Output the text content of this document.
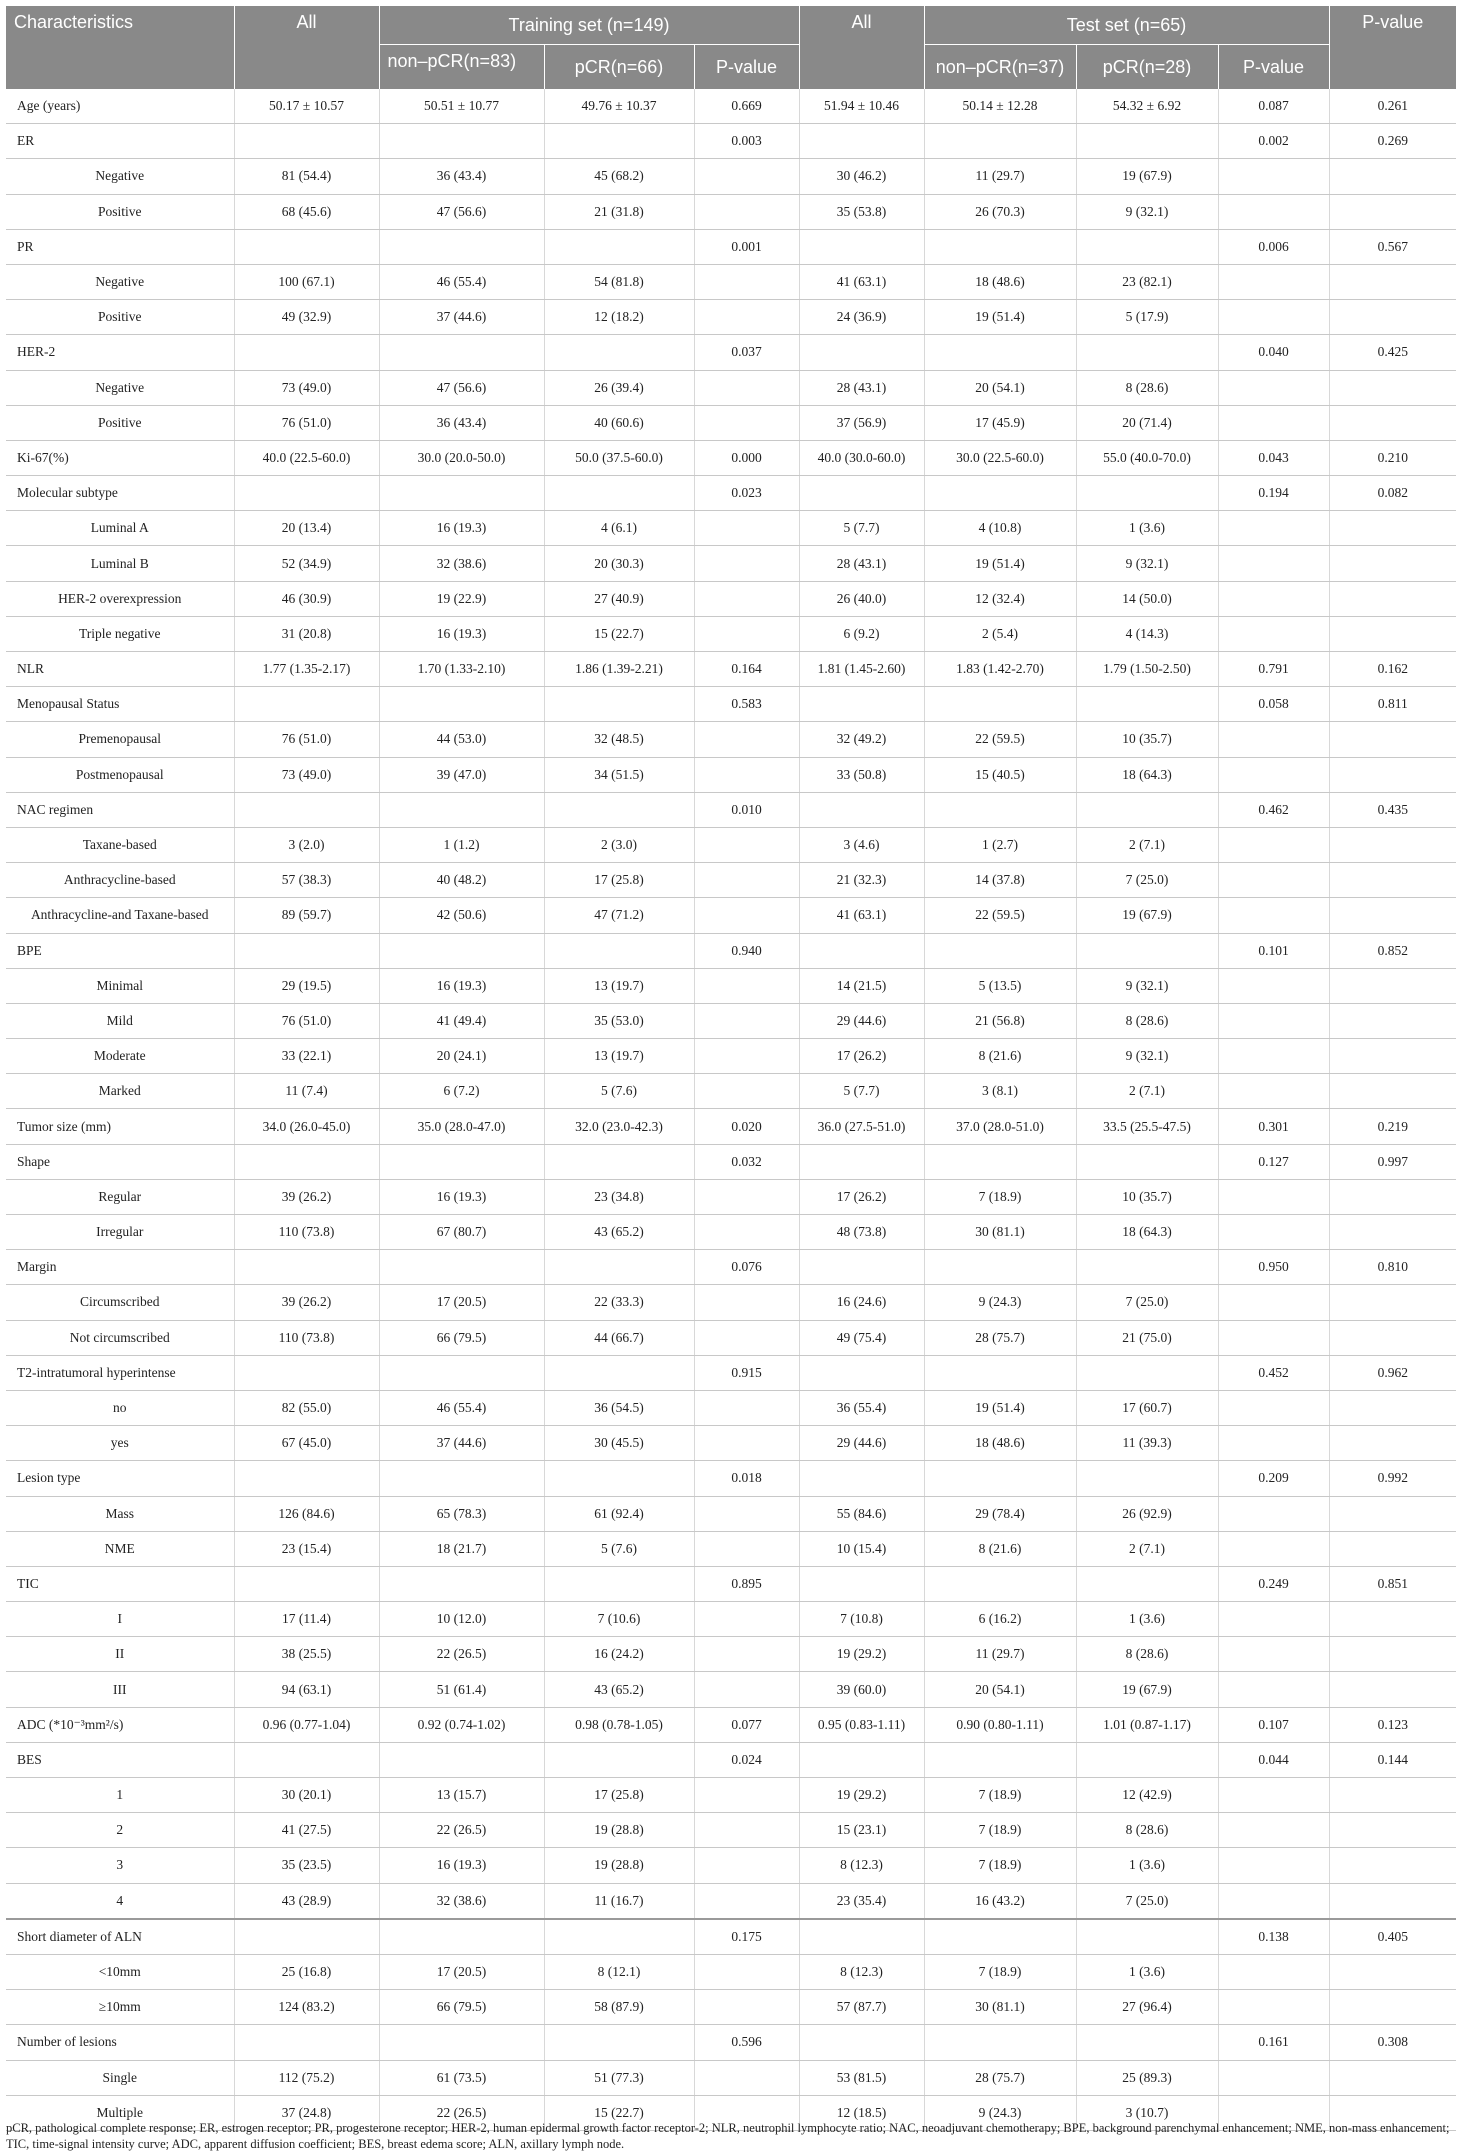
Characteristics	All	Training set (n=149)			All	Test set (n=65)			P-value
		non–pCR(n=83)	pCR(n=66)	P-value		non–pCR(n=37)	pCR(n=28)	P-value	
Age (years)	50.17 ± 10.57	50.51 ± 10.77	49.76 ± 10.37	0.669	51.94 ± 10.46	50.14 ± 12.28	54.32 ± 6.92	0.087	0.261
ER				0.003				0.002	0.269
Negative	81 (54.4)	36 (43.4)	45 (68.2)		30 (46.2)	11 (29.7)	19 (67.9)		
Positive	68 (45.6)	47 (56.6)	21 (31.8)		35 (53.8)	26 (70.3)	9 (32.1)		
PR				0.001				0.006	0.567
Negative	100 (67.1)	46 (55.4)	54 (81.8)		41 (63.1)	18 (48.6)	23 (82.1)		
Positive	49 (32.9)	37 (44.6)	12 (18.2)		24 (36.9)	19 (51.4)	5 (17.9)		
HER-2				0.037				0.040	0.425
Negative	73 (49.0)	47 (56.6)	26 (39.4)		28 (43.1)	20 (54.1)	8 (28.6)		
Positive	76 (51.0)	36 (43.4)	40 (60.6)		37 (56.9)	17 (45.9)	20 (71.4)		
Ki-67(%)	40.0 (22.5-60.0)	30.0 (20.0-50.0)	50.0 (37.5-60.0)	0.000	40.0 (30.0-60.0)	30.0 (22.5-60.0)	55.0 (40.0-70.0)	0.043	0.210
Molecular subtype				0.023				0.194	0.082
Luminal A	20 (13.4)	16 (19.3)	4 (6.1)		5 (7.7)	4 (10.8)	1 (3.6)		
Luminal B	52 (34.9)	32 (38.6)	20 (30.3)		28 (43.1)	19 (51.4)	9 (32.1)		
HER-2 overexpression	46 (30.9)	19 (22.9)	27 (40.9)		26 (40.0)	12 (32.4)	14 (50.0)		
Triple negative	31 (20.8)	16 (19.3)	15 (22.7)		6 (9.2)	2 (5.4)	4 (14.3)		
NLR	1.77 (1.35-2.17)	1.70 (1.33-2.10)	1.86 (1.39-2.21)	0.164	1.81 (1.45-2.60)	1.83 (1.42-2.70)	1.79 (1.50-2.50)	0.791	0.162
Menopausal Status				0.583				0.058	0.811
Premenopausal	76 (51.0)	44 (53.0)	32 (48.5)		32 (49.2)	22 (59.5)	10 (35.7)		
Postmenopausal	73 (49.0)	39 (47.0)	34 (51.5)		33 (50.8)	15 (40.5)	18 (64.3)		
NAC regimen				0.010				0.462	0.435
Taxane-based	3 (2.0)	1 (1.2)	2 (3.0)		3 (4.6)	1 (2.7)	2 (7.1)		
Anthracycline-based	57 (38.3)	40 (48.2)	17 (25.8)		21 (32.3)	14 (37.8)	7 (25.0)		
Anthracycline-and Taxane-based	89 (59.7)	42 (50.6)	47 (71.2)		41 (63.1)	22 (59.5)	19 (67.9)		
BPE				0.940				0.101	0.852
Minimal	29 (19.5)	16 (19.3)	13 (19.7)		14 (21.5)	5 (13.5)	9 (32.1)		
Mild	76 (51.0)	41 (49.4)	35 (53.0)		29 (44.6)	21 (56.8)	8 (28.6)		
Moderate	33 (22.1)	20 (24.1)	13 (19.7)		17 (26.2)	8 (21.6)	9 (32.1)		
Marked	11 (7.4)	6 (7.2)	5 (7.6)		5 (7.7)	3 (8.1)	2 (7.1)		
Tumor size (mm)	34.0 (26.0-45.0)	35.0 (28.0-47.0)	32.0 (23.0-42.3)	0.020	36.0 (27.5-51.0)	37.0 (28.0-51.0)	33.5 (25.5-47.5)	0.301	0.219
Shape				0.032				0.127	0.997
Regular	39 (26.2)	16 (19.3)	23 (34.8)		17 (26.2)	7 (18.9)	10 (35.7)		
Irregular	110 (73.8)	67 (80.7)	43 (65.2)		48 (73.8)	30 (81.1)	18 (64.3)		
Margin				0.076				0.950	0.810
Circumscribed	39 (26.2)	17 (20.5)	22 (33.3)		16 (24.6)	9 (24.3)	7 (25.0)		
Not circumscribed	110 (73.8)	66 (79.5)	44 (66.7)		49 (75.4)	28 (75.7)	21 (75.0)		
T2-intratumoral hyperintense				0.915				0.452	0.962
no	82 (55.0)	46 (55.4)	36 (54.5)		36 (55.4)	19 (51.4)	17 (60.7)		
yes	67 (45.0)	37 (44.6)	30 (45.5)		29 (44.6)	18 (48.6)	11 (39.3)		
Lesion type				0.018				0.209	0.992
Mass	126 (84.6)	65 (78.3)	61 (92.4)		55 (84.6)	29 (78.4)	26 (92.9)		
NME	23 (15.4)	18 (21.7)	5 (7.6)		10 (15.4)	8 (21.6)	2 (7.1)		
TIC				0.895				0.249	0.851
I	17 (11.4)	10 (12.0)	7 (10.6)		7 (10.8)	6 (16.2)	1 (3.6)		
II	38 (25.5)	22 (26.5)	16 (24.2)		19 (29.2)	11 (29.7)	8 (28.6)		
III	94 (63.1)	51 (61.4)	43 (65.2)		39 (60.0)	20 (54.1)	19 (67.9)		
ADC (*10⁻³mm²/s)	0.96 (0.77-1.04)	0.92 (0.74-1.02)	0.98 (0.78-1.05)	0.077	0.95 (0.83-1.11)	0.90 (0.80-1.11)	1.01 (0.87-1.17)	0.107	0.123
BES				0.024				0.044	0.144
1	30 (20.1)	13 (15.7)	17 (25.8)		19 (29.2)	7 (18.9)	12 (42.9)		
2	41 (27.5)	22 (26.5)	19 (28.8)		15 (23.1)	7 (18.9)	8 (28.6)		
3	35 (23.5)	16 (19.3)	19 (28.8)		8 (12.3)	7 (18.9)	1 (3.6)		
4	43 (28.9)	32 (38.6)	11 (16.7)		23 (35.4)	16 (43.2)	7 (25.0)		
Short diameter of ALN				0.175				0.138	0.405
<10mm	25 (16.8)	17 (20.5)	8 (12.1)		8 (12.3)	7 (18.9)	1 (3.6)		
≥10mm	124 (83.2)	66 (79.5)	58 (87.9)		57 (87.7)	30 (81.1)	27 (96.4)		
Number of lesions				0.596				0.161	0.308
Single	112 (75.2)	61 (73.5)	51 (77.3)		53 (81.5)	28 (75.7)	25 (89.3)		
Multiple	37 (24.8)	22 (26.5)	15 (22.7)		12 (18.5)	9 (24.3)	3 (10.7)		
pCR, pathological complete response; ER, estrogen receptor; PR, progesterone receptor; HER-2, human epidermal growth factor receptor-2; NLR, neutrophil lymphocyte ratio; NAC, neoadjuvant chemotherapy; BPE, background parenchymal enhancement; NME, non-mass enhancement; TIC, time-signal intensity curve; ADC, apparent diffusion coefficient; BES, breast edema score; ALN, axillary lymph node.
